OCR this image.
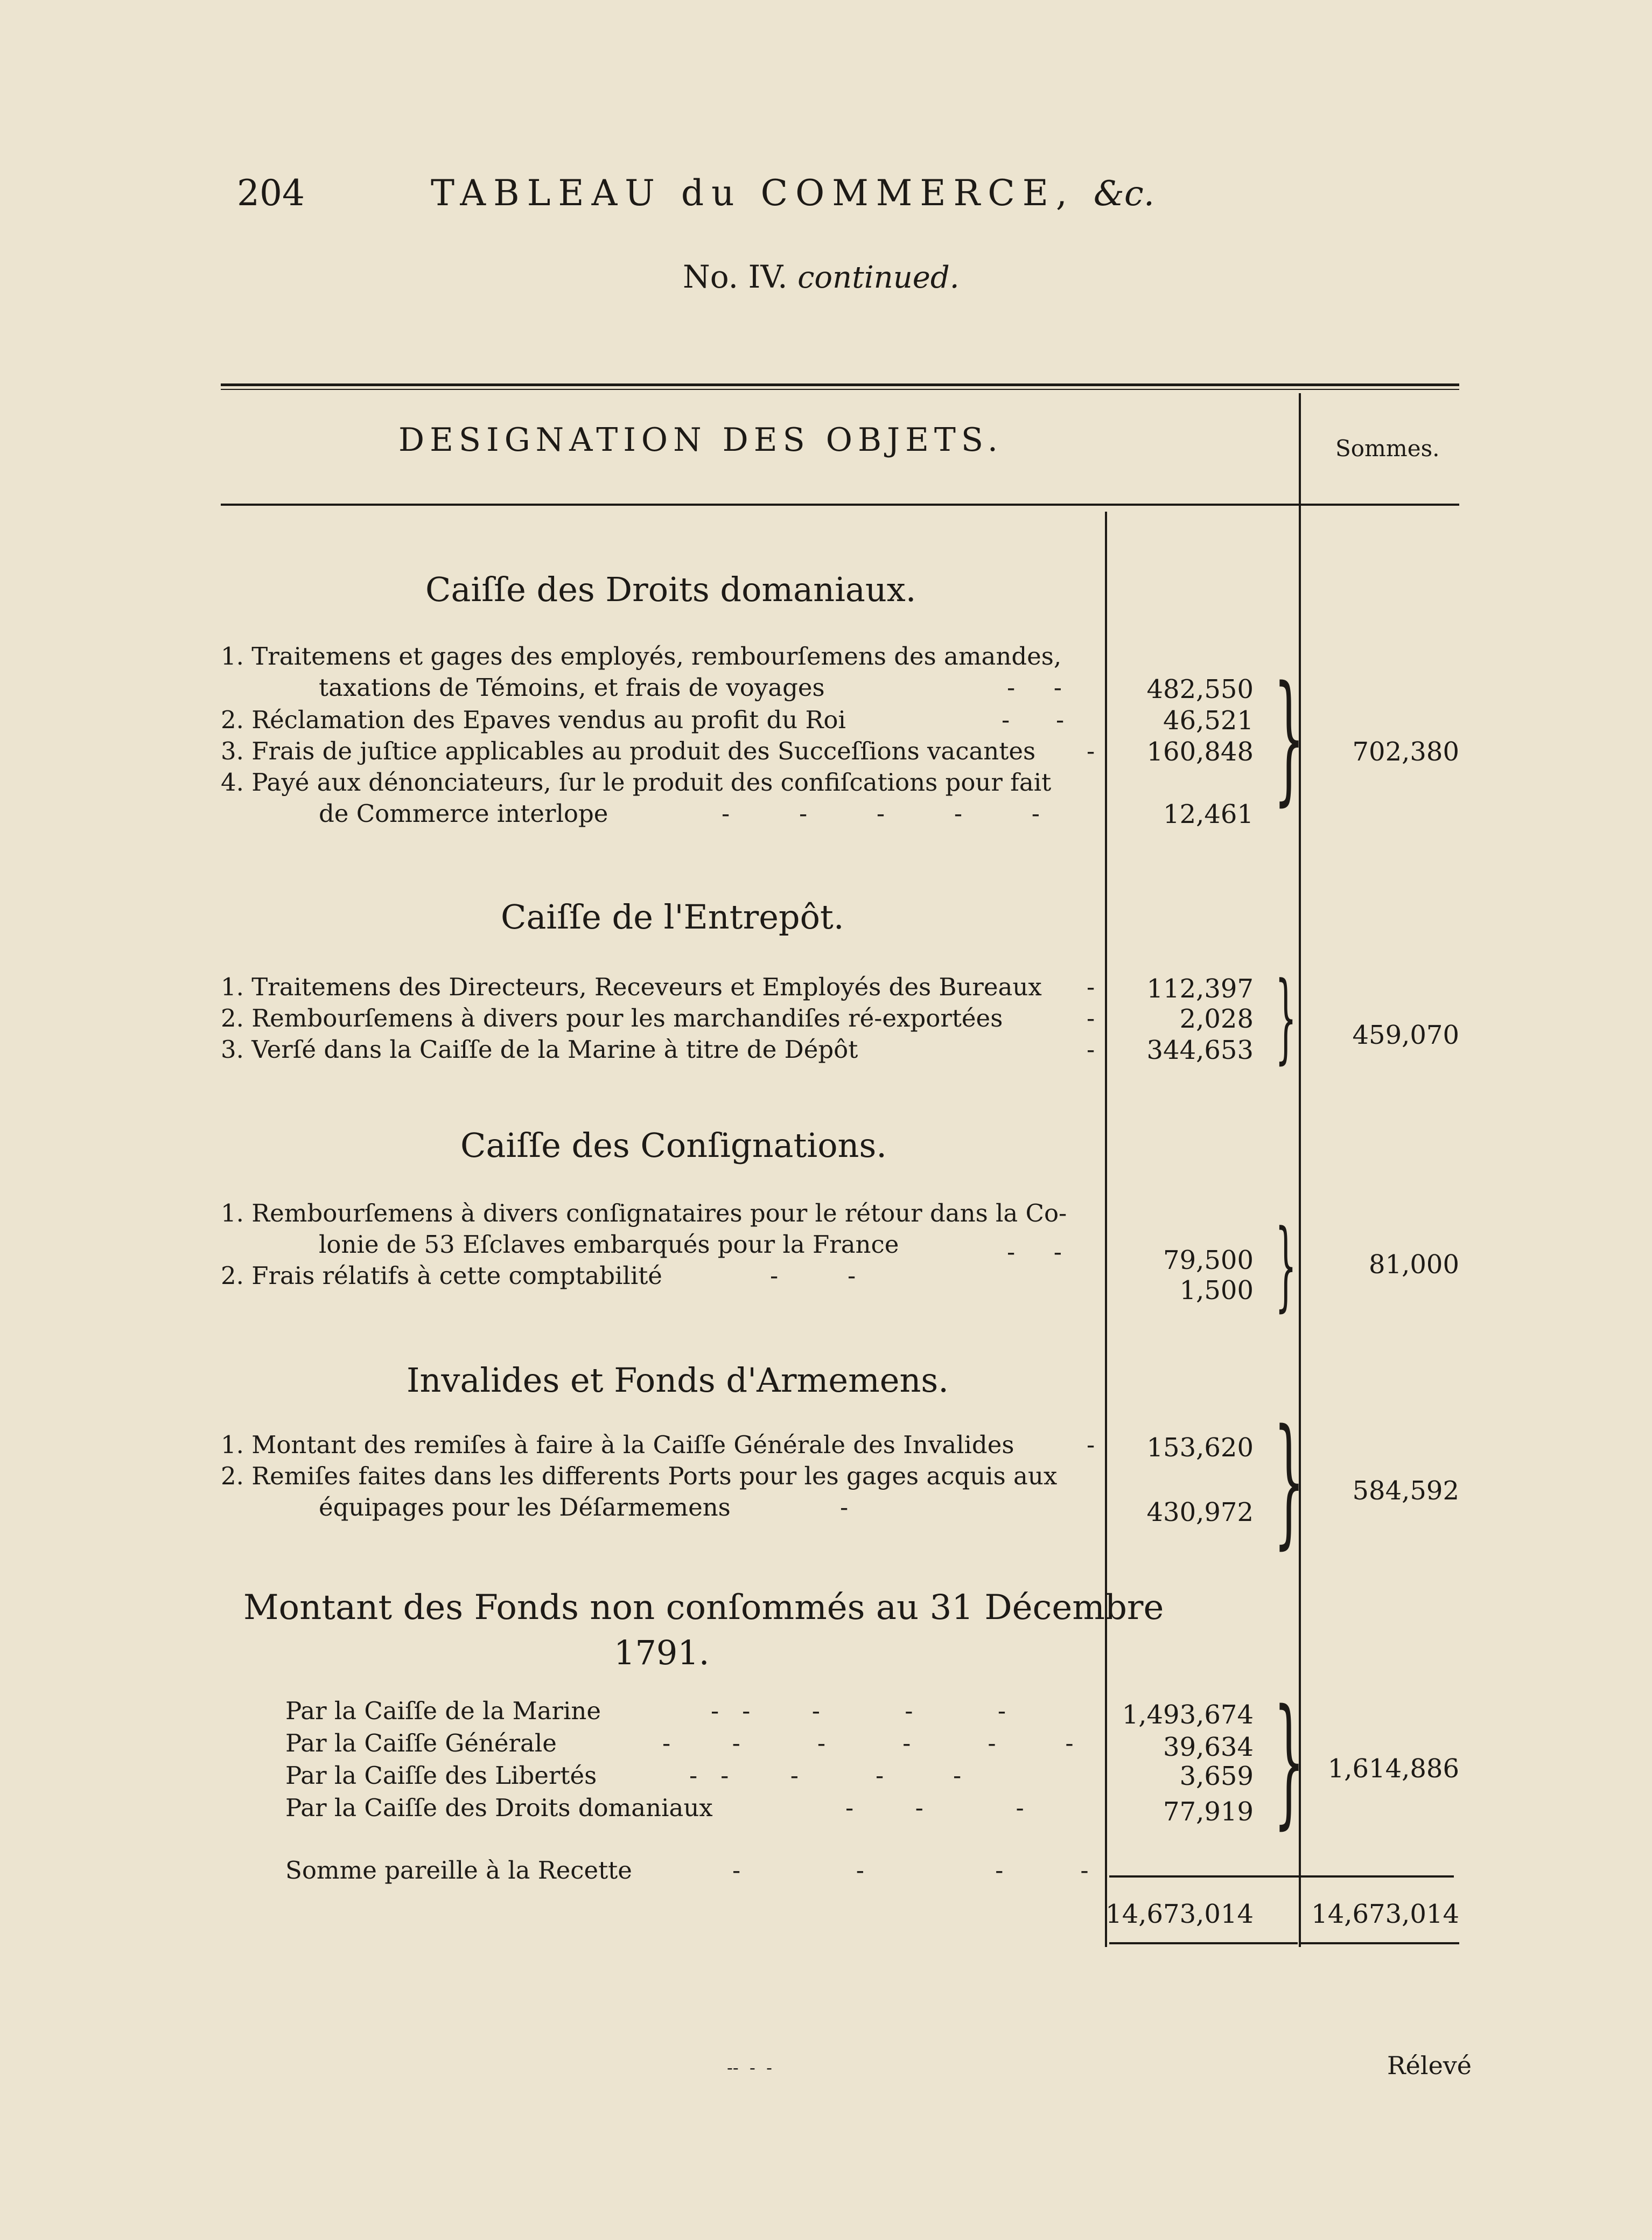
204	TABLEAU du COMMERCE, &c.
No. IV. continued.
DESIGNATION DES OBJETS.	Sommes.
Caiſſe des Droits domaniaux.
1. Traitemens et gages des employés, rembourſemens des amandes,
taxations de Témoins, et frais de voyages	-     -	482,550
2. Réclamation des Epaves vendus au profit du Roi	-      -	46,521
3. Frais de juſtice applicables au produit des Succeſſions vacantes -	160,848
4. Payé aux dénonciateurs, ſur le produit des confiſcations pour fait
de Commerce interlope	-         -         -         -         -	12,461 }	702,380
Caiſſe de l'Entrepôt.
1. Traitemens des Directeurs, Receveurs et Employés des Bureaux -	112,397
2. Rembourſemens à divers pour les marchandiſes ré-exportées	-	2,028
3. Verſé dans la Caiſſe de la Marine à titre de Dépôt	-	344,653 }	459,070
Caiſſe des Conſignations.
1. Rembourſemens à divers conſignataires pour le rétour dans la Co-
lonie de 53 Eſclaves embarqués pour la France	-     -	79,500
2. Frais rélatifs à cette comptabilité	-         -	1,500 }	81,000
Invalides et Fonds d'Armemens.
1. Montant des remiſes à faire à la Caiſſe Générale des Invalides	-	153,620
2. Remiſes faites dans les differents Ports pour les gages acquis aux
équipages pour les Déſarmemens	-	430,972 }	584,592
Montant des Fonds non conſommés au 31 Décembre
1791.
Par la Caiſſe de la Marine	-   -        -           -           -	1,493,674
Par la Caiſſe Générale	-        -          -          -          -         -	39,634
Par la Caiſſe des Libertés	-   -        -          -         -	3,659
Par la Caiſſe des Droits domaniaux	-        -            -	77,919 } 1,614,886
Somme pareille à la Recette	-               -                 -          -
14,673,014	14,673,014
--  -  -	Rélevé
